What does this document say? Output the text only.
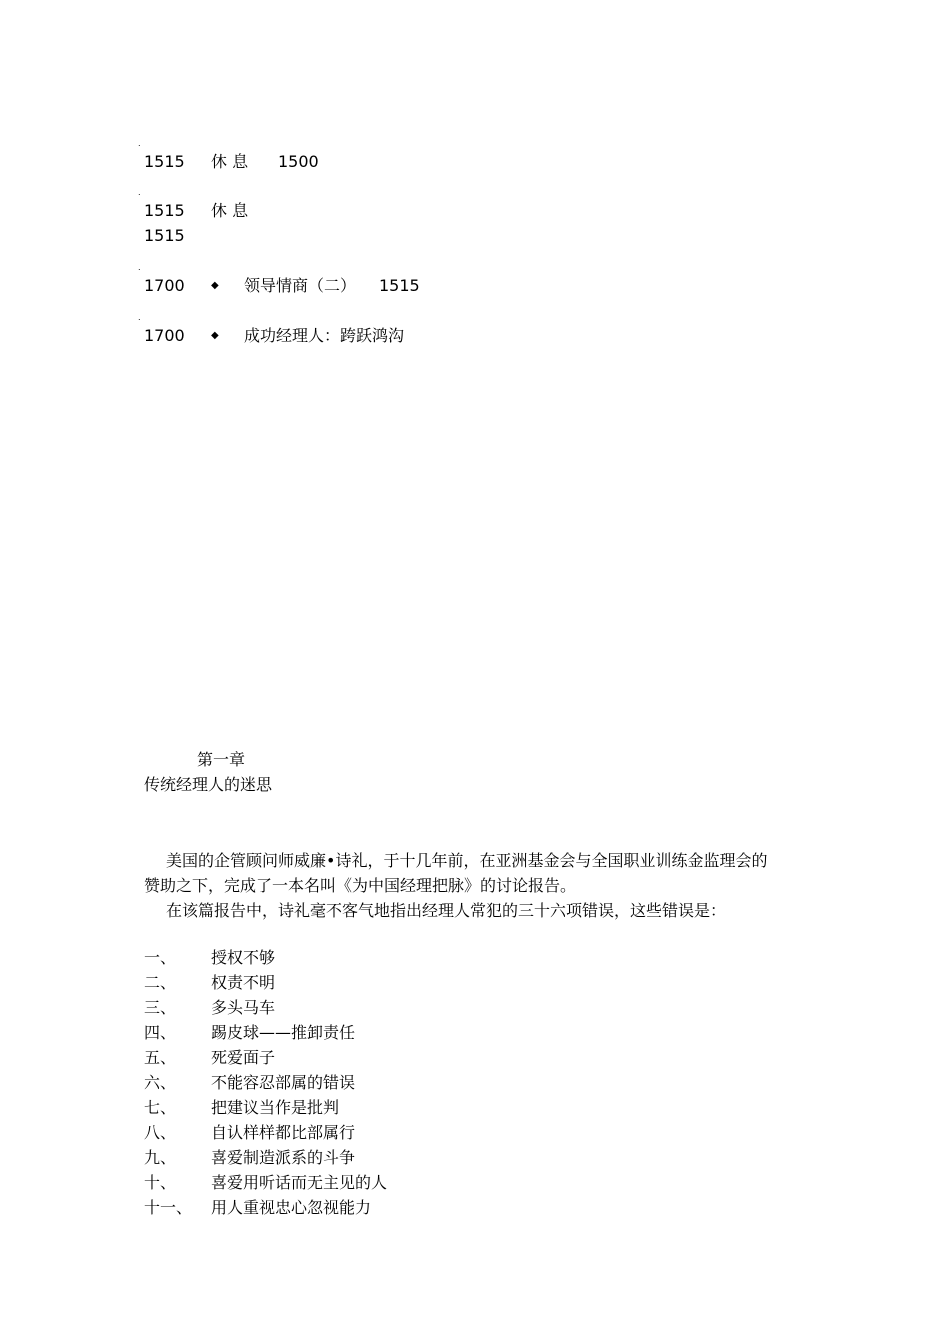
.
1515 休 息 1500
.
1515 休 息
1515
.
1700	◆ 领导情商（二） 1515
.
1700	◆ 成功经理人：跨跃鸿沟
第一章
传统经理人的迷思
美国的企管顾问师威廉•诗礼，于十几年前，在亚洲基金会与全国职业训练金监理会的
赞助之下，完成了一本名叫《为中国经理把脉》的讨论报告。
在该篇报告中，诗礼毫不客气地指出经理人常犯的三十六项错误，这些错误是：
一、 授权不够
二、 权责不明
三、 多头马车
四、 踢皮球——推卸责任
五、 死爱面子
六、 不能容忍部属的错误
七、 把建议当作是批判
八、 自认样样都比部属行
九、 喜爱制造派系的斗争
十、 喜爱用听话而无主见的人
十一、 用人重视忠心忽视能力
